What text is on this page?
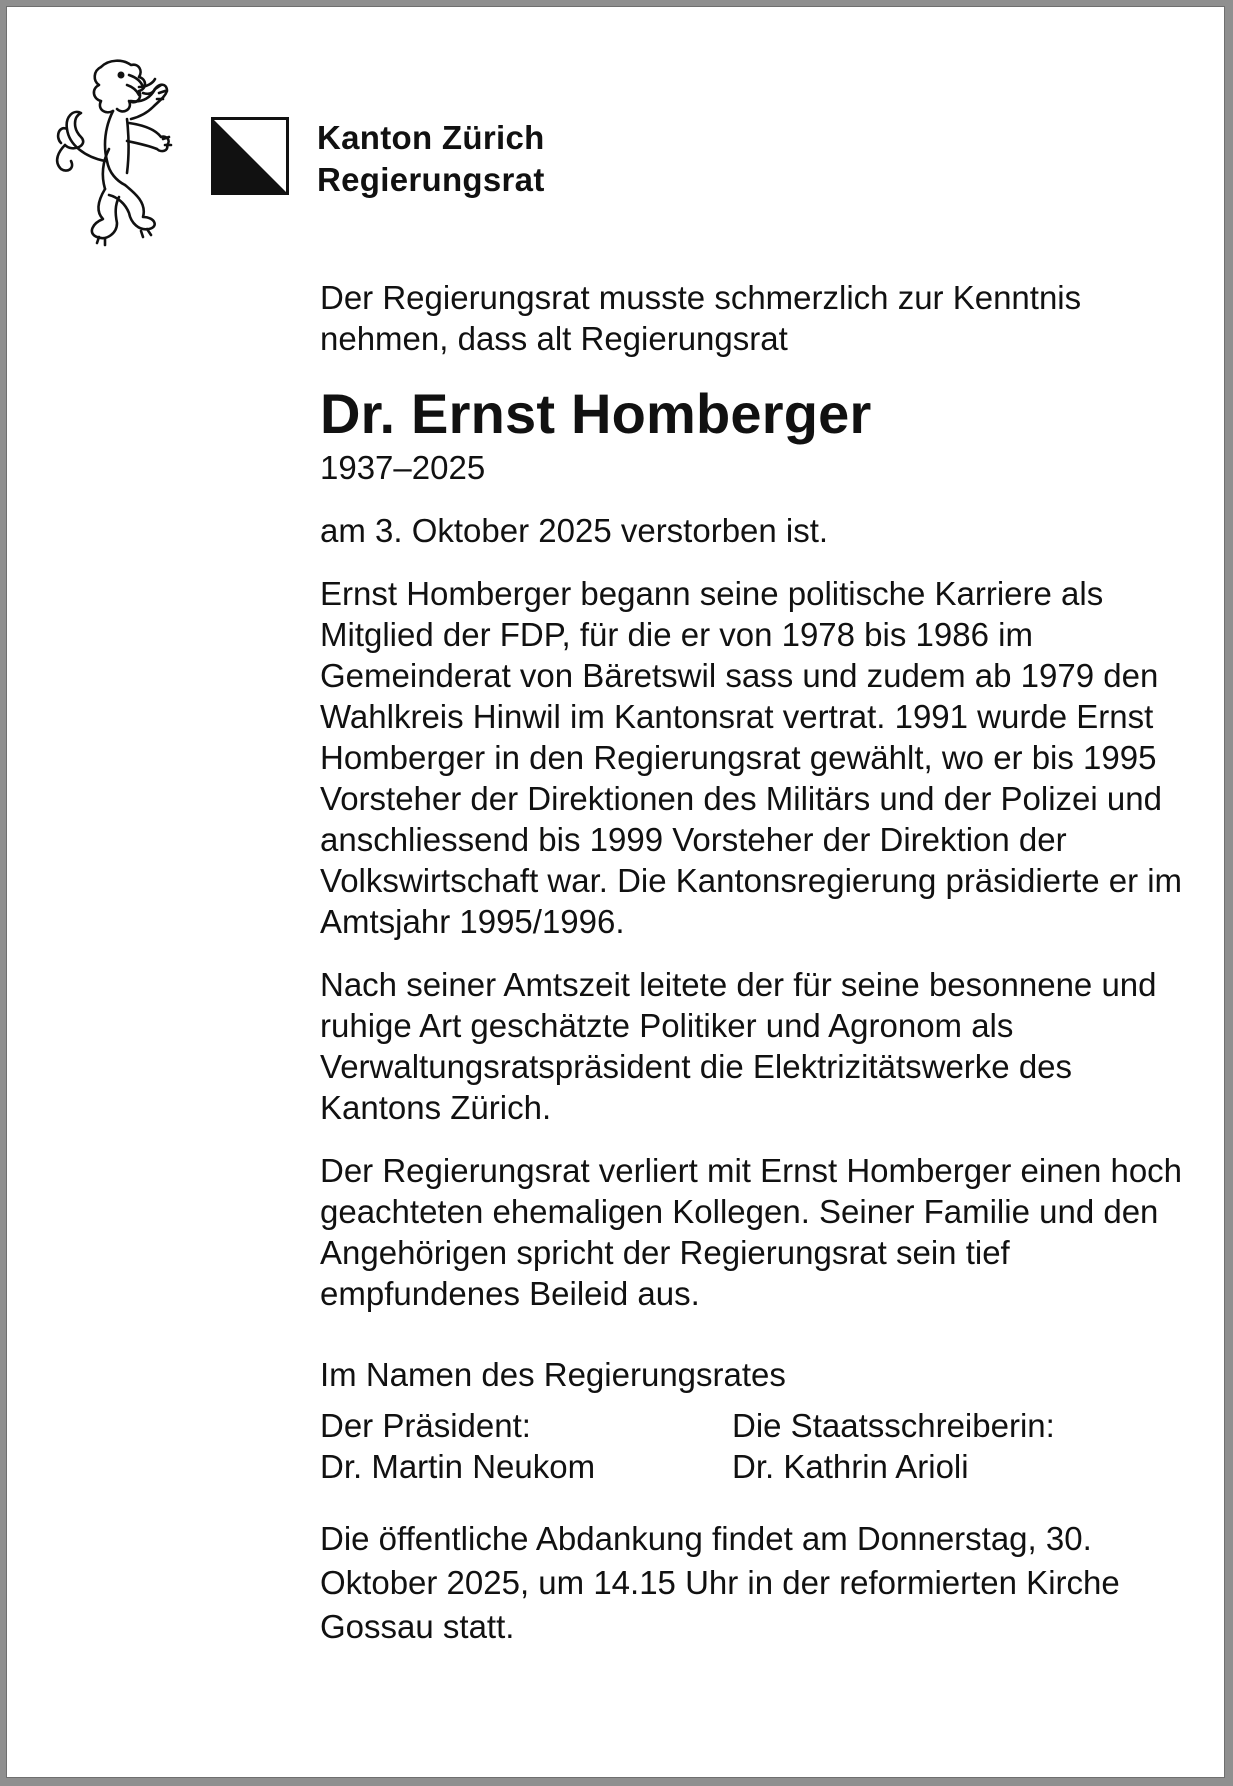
Kanton Zürich
Regierungsrat

Der Regierungsrat musste schmerzlich zur Kenntnis nehmen, dass alt Regierungsrat

Dr. Ernst Homberger

1937–2025

am 3. Oktober 2025 verstorben ist.

Ernst Homberger begann seine politische Karriere als Mitglied der FDP, für die er von 1978 bis 1986 im Gemeinderat von Bäretswil sass und zudem ab 1979 den Wahlkreis Hinwil im Kantonsrat vertrat. 1991 wurde Ernst Homberger in den Regierungsrat gewählt, wo er bis 1995 Vorsteher der Direktionen des Militärs und der Polizei und anschliessend bis 1999 Vorsteher der Direktion der Volkswirtschaft war. Die Kantonsregierung präsidierte er im Amtsjahr 1995/1996.

Nach seiner Amtszeit leitete der für seine besonnene und ruhige Art geschätzte Politiker und Agronom als Verwaltungsratspräsident die Elektrizitätswerke des Kantons Zürich.

Der Regierungsrat verliert mit Ernst Homberger einen hoch geachteten ehemaligen Kollegen. Seiner Familie und den Angehörigen spricht der Regierungsrat sein tief empfundenes Beileid aus.

Im Namen des Regierungsrates

Der Präsident:
Dr. Martin Neukom
Die Staatsschreiberin:
Dr. Kathrin Arioli

Die öffentliche Abdankung findet am Donnerstag, 30. Oktober 2025, um 14.15 Uhr in der reformierten Kirche Gossau statt.
